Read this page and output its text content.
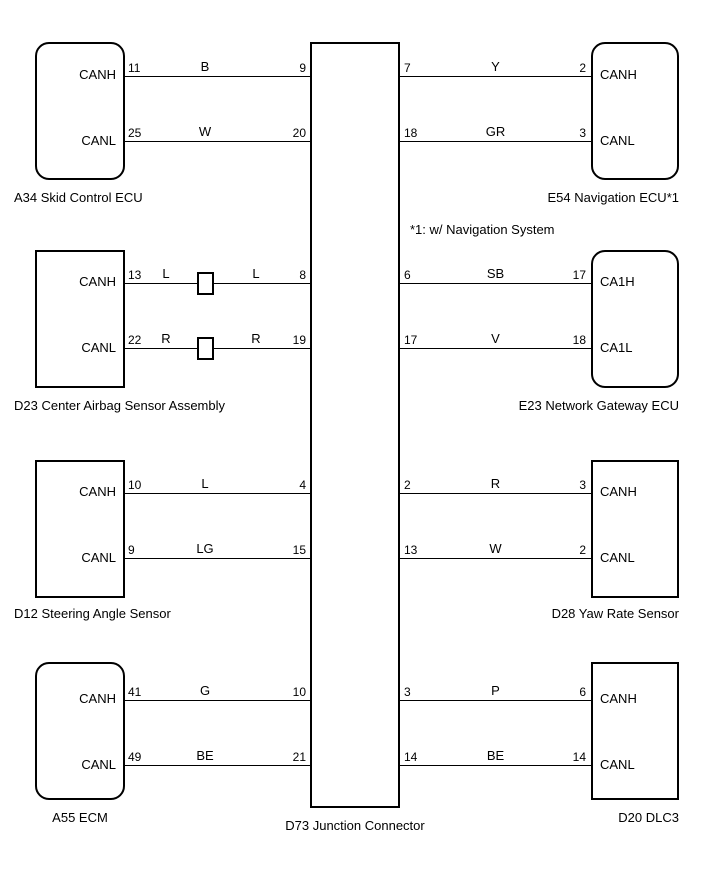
D73 Junction Connector
*1: w/ Navigation System
CANH
CANL
A34 Skid Control ECU
11	B	9
25	W	20
CANH
CANL
E54 Navigation ECU*1
7	Y	2
18	GR	3
CANH
CANL
D23 Center Airbag Sensor Assembly
13	L	L	8
22	R	R	19
CA1H
CA1L
E23 Network Gateway ECU
6	SB	17
17	V	18
CANH
CANL
D12 Steering Angle Sensor
10	L	4
9	LG	15
CANH
CANL
D28 Yaw Rate Sensor
2	R	3
13	W	2
CANH
CANL
A55 ECM
41	G	10
49	BE	21
CANH
CANL
D20 DLC3
3	P	6
14	BE	14
